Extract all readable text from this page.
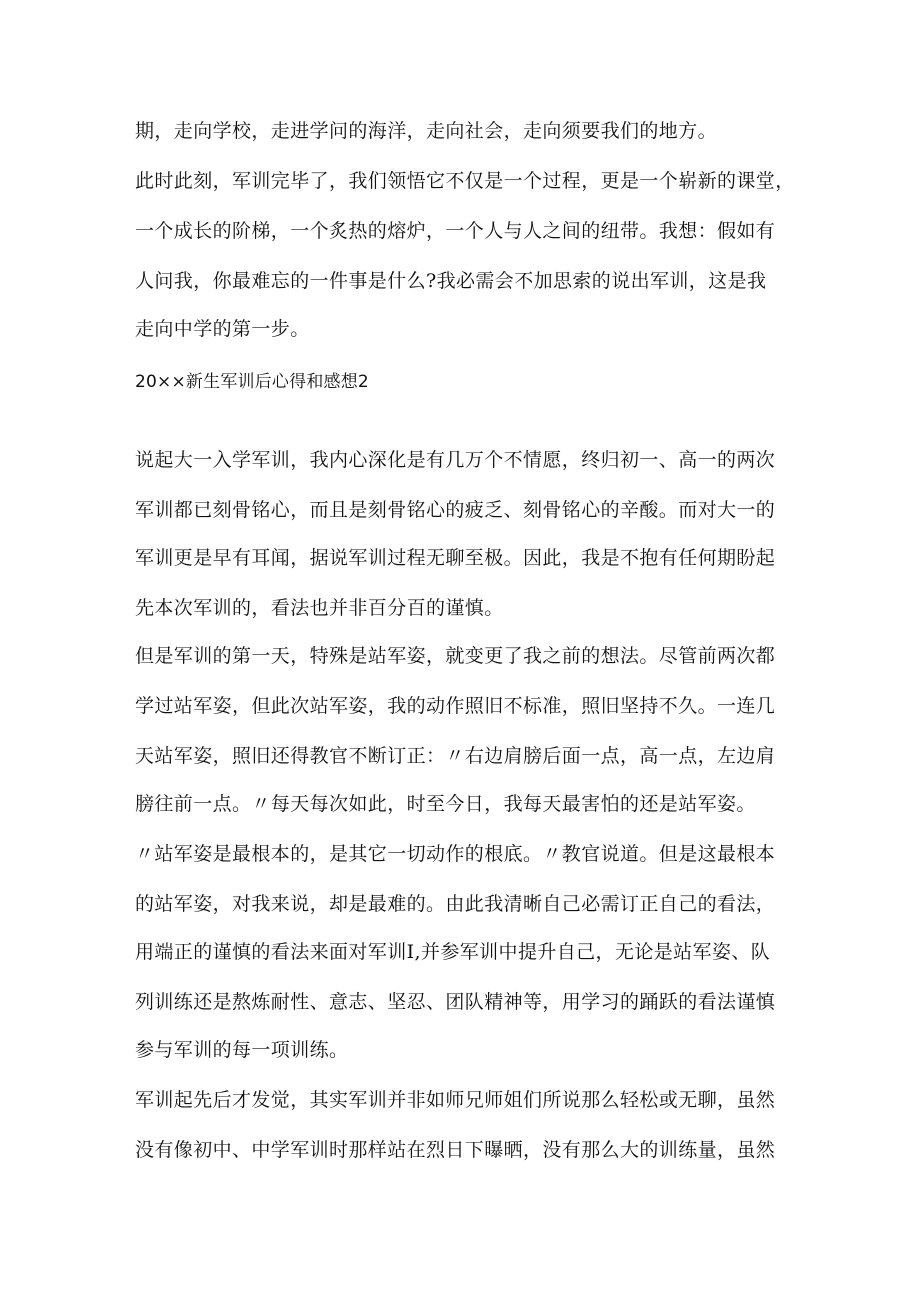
期，走向学校，走进学问的海洋，走向社会，走向须要我们的地方。

此时此刻，军训完毕了，我们领悟它不仅是一个过程，更是一个崭新的课堂，

一个成长的阶梯，一个炙热的熔炉，一个人与人之间的纽带。我想：假如有

人问我，你最难忘的一件事是什么?我必需会不加思索的说出军训，这是我

走向中学的第一步。

20××新生军训后心得和感想2

说起大一入学军训，我内心深化是有几万个不情愿，终归初一、高一的两次

军训都已刻骨铭心，而且是刻骨铭心的疲乏、刻骨铭心的辛酸。而对大一的

军训更是早有耳闻，据说军训过程无聊至极。因此，我是不抱有任何期盼起

先本次军训的，看法也并非百分百的谨慎。

但是军训的第一天，特殊是站军姿，就变更了我之前的想法。尽管前两次都

学过站军姿，但此次站军姿，我的动作照旧不标准，照旧坚持不久。一连几

天站军姿，照旧还得教官不断订正：〃右边肩膀后面一点，高一点，左边肩

膀往前一点。〃每天每次如此，时至今日，我每天最害怕的还是站军姿。

〃站军姿是最根本的，是其它一切动作的根底。〃教官说道。但是这最根本

的站军姿，对我来说，却是最难的。由此我清晰自己必需订正自己的看法，

用端正的谨慎的看法来面对军训Ⅰ,并参军训中提升自己，无论是站军姿、队

列训练还是熬炼耐性、意志、坚忍、团队精神等，用学习的踊跃的看法谨慎

参与军训的每一项训练。

军训起先后才发觉，其实军训并非如师兄师姐们所说那么轻松或无聊，虽然

没有像初中、中学军训时那样站在烈日下曝晒，没有那么大的训练量，虽然
